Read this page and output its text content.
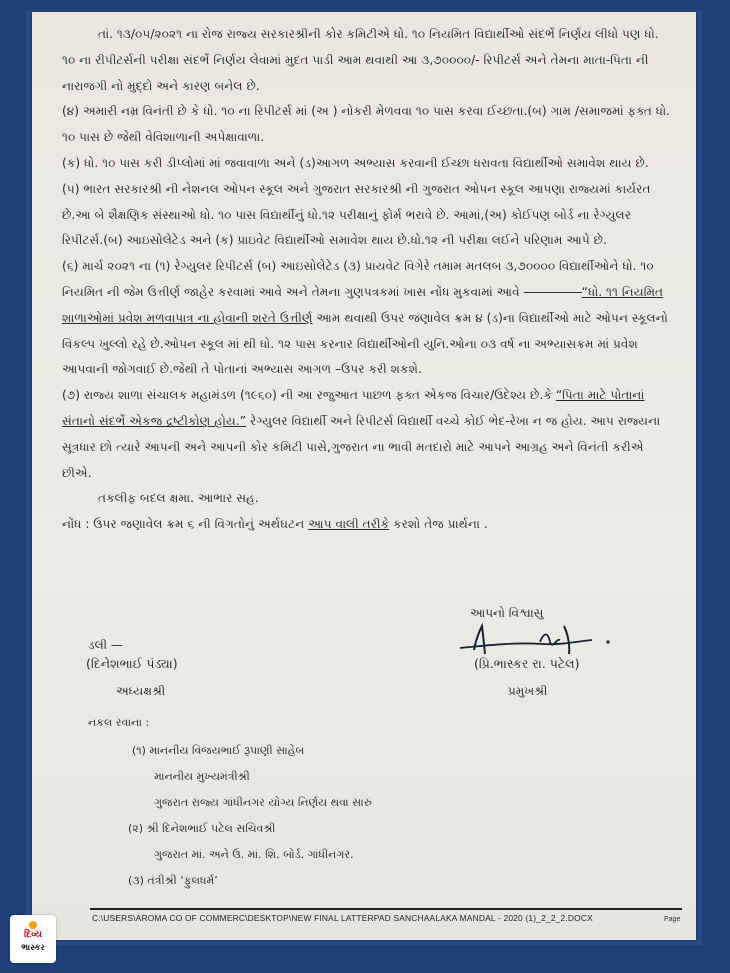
તાં. ૧૩/૦૫/૨૦૨૧ ના રોજ રાજ્ય સરકારશ્રીની કોર કમિટીએ ધો. ૧૦ નિયમિત વિદ્યાર્થીઓ સંદર્ભે નિર્ણય લીધો પણ ધો. ૧૦ ના રીપીટર્સની પરીક્ષા સંદર્ભે નિર્ણય લેવામાં મુદત પાડી આમ થવાથી આ ૩,૭૦૦૦૦/- રિપીટર્સ અને તેમના માતા-પિતા ની નારાજગી નો મુદ્દો અને કારણ બનેલ છે.

(૪) અમારી નમ્ર વિનંતી છે કે ધો. ૧૦ ના રિપીટર્સ માં (અ ) નોકરી મેળવવા ૧૦ પાસ કરવા ઈચ્છતા.(બ) ગામ /સમાજમાં ફક્ત ધો. ૧૦ પાસ છે જેથી વેવિશાળાની અપેક્ષાવાળા.

(ક) ધો. ૧૦ પાસ કરી ડીપ્લોમાં માં જવાવાળા અને (ડ)આગળ અભ્યાસ કરવાની ઈચ્છા ધરાવતા વિદ્યાર્થીઓ સમાવેશ થાય છે.

(૫) ભારત સરકારશ્રી ની નેશનલ ઓપન સ્કૂલ અને ગુજરાત સરકારશ્રી ની ગુજરાત ઓપન સ્કૂલ આપણા રાજ્યમાં કાર્યરત છે.આ બે શૈક્ષણિક સંસ્થાઓ ધો. ૧૦ પાસ વિદ્યાર્થીનું ધો.૧૨ પરીક્ષાનું ફોર્મ ભરાવે છે. આમાં,(અ) કોઈપણ બોર્ડ ના રેગ્યુલર રિપીટર્સ.(બ) આઇસોલેટેડ અને (ક) પ્રાઇવેટ વિદ્યાર્થીઓ સમાવેશ થાય છે.ધો.૧૨ ની પરીક્ષા લઈને પરિણામ આપે છે.

(૬) માર્ચ ૨૦૨૧ ના (૧) રેગ્યુલર રિપીટર્સ (બ) આઇસોલેટેડ (૩) પ્રાયવેટ વિગેરે તમામ મતલબ ૩,૭૦૦૦૦ વિદ્યાર્થીઓને ધો. ૧૦ નિયમિત ની જેમ ઉત્તીર્ણ જાહેર કરવામાં આવે અને તેમના ગુણપત્રકમાં ખાસ નોંધ મુકવામાં આવે	“ધો. ૧૧ નિયમિત શાળાઓમાં પ્રવેશ મળવાપાત્ર ના હોવાની શરતે ઉત્તીર્ણ આમ થવાથી ઉપર જણાવેલ ક્રમ ૪ (ડ)ના વિદ્યાર્થીઓ માટે ઓપન સ્કૂલનો વિકલ્પ ખુલ્લો રહે છે.ઓપન સ્કૂલ માં થી ધો. ૧૨ પાસ કરનાર વિદ્યાર્થીઓની યુનિ.ઓના ૦૩ વર્ષ ના અભ્યાસક્રમ માં પ્રવેશ આપવાની જોગવાઈ છે.જેથી તે પોતાનાં અભ્યાસ આગળ –ઉપર કરી શકશે.

(૭) રાજ્ય શાળા સંચાલક મહામંડળ (૧૯૬૦) ની આ રજુઆત પાછળ ફક્ત એકજ વિચાર/ઉદેશ્ય છે.કે “પિતા માટે પોતાનાં સંતાનો સંદર્ભે એકજ દ્રષ્ટીકોણ હોય.” રેગ્યુલર વિદ્યાર્થી અને રિપીટર્સ વિદ્યાર્થી વચ્ચે કોઈ ભેદ-રેખા ન જ હોય. આપ રાજ્યના સૂત્રધાર છો ત્યારે આપની અને આપની કોર કમિટી પાસે,ગુજરાત ના ભાવી મતદારો માટે આપને આગ્રહ અને વિનંતી કરીએ છીએ.

તકલીફ બદલ ક્ષમા. આભાર સહ.

નોંધ : ઉપર જણાવેલ ક્રમ ૬ ની વિગતોનું અર્થઘટન આપ વાલી તરીકે કરશો તેજ પ્રાર્થના .

આપનો વિશ્વાસુ
ડલી —
(દિનેશભાઈ પંડ્યા)
અધ્યક્ષશ્રી
(પ્રિ.ભાસ્કર રા. પટેલ)
પ્રમુખશ્રી
નકલ રવાના :
(૧) માનનીય વિજયભાઈ રૂપાણી સાહેબ
માનનીય મુખ્યમંત્રીશ્રી
ગુજરાત રાજ્ય ગાંધીનગર યોગ્ય નિર્ણય થવા સારું
(૨) શ્રી દિનેશભાઈ પટેલ સચિવશ્રી
ગુજરાત માં. અને ઉ. માં. શિ. બોર્ડ. ગાંધીનગર.
(૩) તંત્રીશ્રી ‘ફુલધર્મ’
C:\USERS\AROMA CO OF COMMERC\DESKTOP\NEW FINAL LATTERPAD SANCHAALAKA MANDAL - 2020 (1)_2_2_2.DOCX	Page
દિવ્ય
ભાસ્કર
